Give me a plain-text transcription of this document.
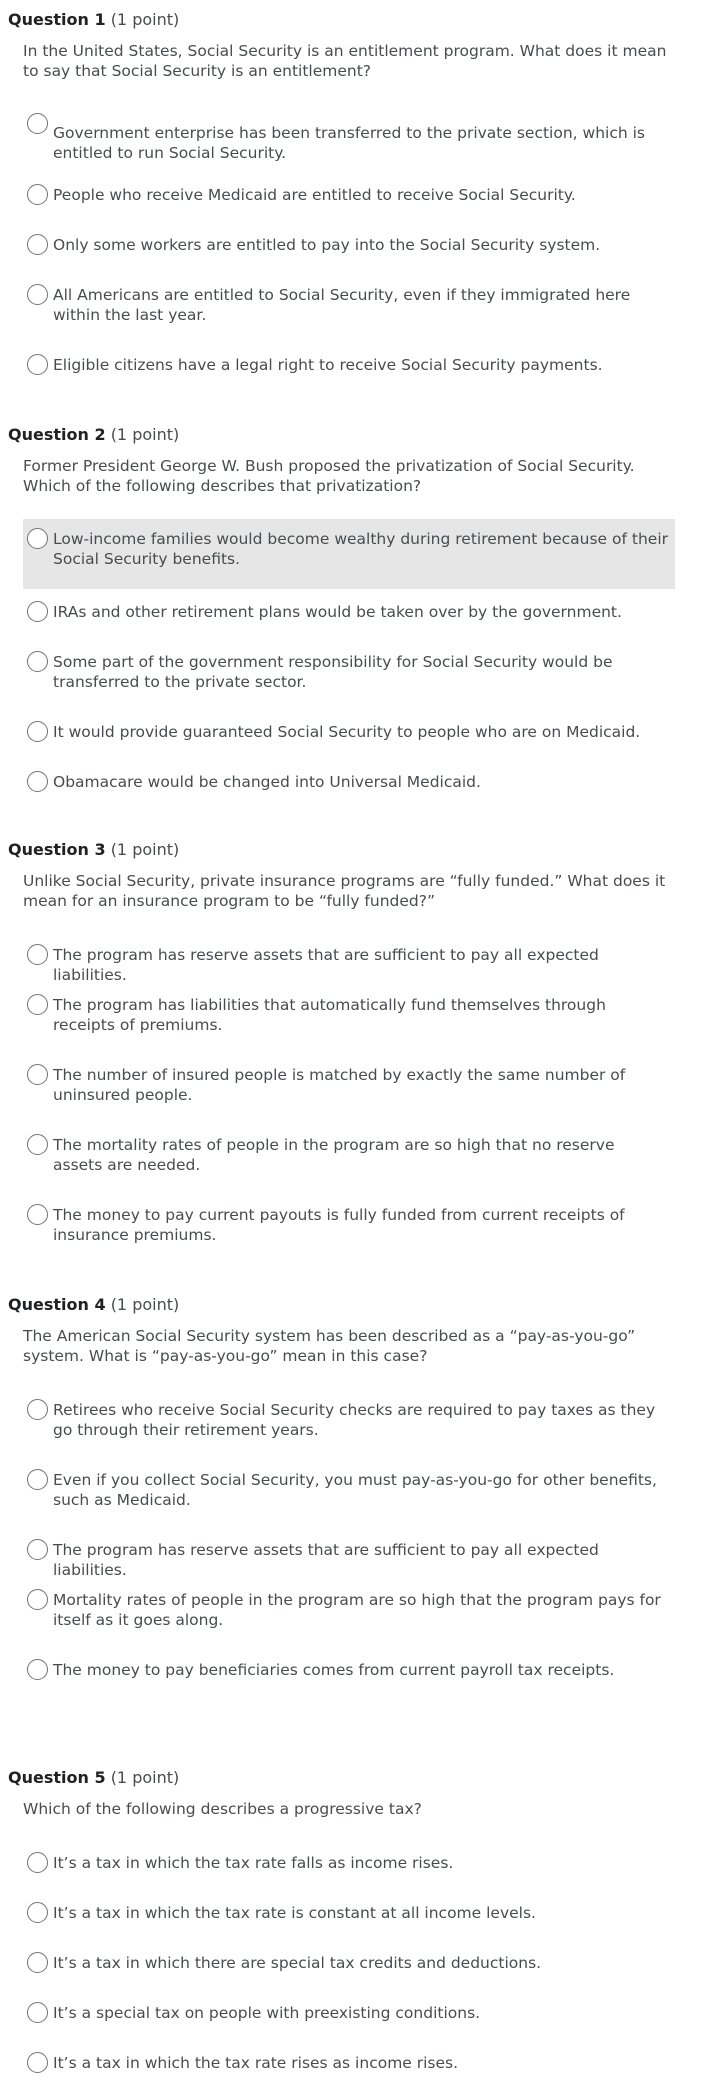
Question 1 (1 point)
In the United States, Social Security is an entitlement program. What does it mean to say that Social Security is an entitlement?
Government enterprise has been transferred to the private section, which is entitled to run Social Security.
People who receive Medicaid are entitled to receive Social Security.
Only some workers are entitled to pay into the Social Security system.
All Americans are entitled to Social Security, even if they immigrated here within the last year.
Eligible citizens have a legal right to receive Social Security payments.
Question 2 (1 point)
Former President George W. Bush proposed the privatization of Social Security. Which of the following describes that privatization?
Low-income families would become wealthy during retirement because of their Social Security benefits.
IRAs and other retirement plans would be taken over by the government.
Some part of the government responsibility for Social Security would be transferred to the private sector.
It would provide guaranteed Social Security to people who are on Medicaid.
Obamacare would be changed into Universal Medicaid.
Question 3 (1 point)
Unlike Social Security, private insurance programs are “fully funded.” What does it mean for an insurance program to be “fully funded?”
The program has reserve assets that are sufficient to pay all expected liabilities.
The program has liabilities that automatically fund themselves through receipts of premiums.
The number of insured people is matched by exactly the same number of uninsured people.
The mortality rates of people in the program are so high that no reserve assets are needed.
The money to pay current payouts is fully funded from current receipts of insurance premiums.
Question 4 (1 point)
The American Social Security system has been described as a “pay-as-you-go” system. What is “pay-as-you-go” mean in this case?
Retirees who receive Social Security checks are required to pay taxes as they go through their retirement years.
Even if you collect Social Security, you must pay-as-you-go for other benefits, such as Medicaid.
The program has reserve assets that are sufficient to pay all expected liabilities.
Mortality rates of people in the program are so high that the program pays for itself as it goes along.
The money to pay beneficiaries comes from current payroll tax receipts.
Question 5 (1 point)
Which of the following describes a progressive tax?
It’s a tax in which the tax rate falls as income rises.
It’s a tax in which the tax rate is constant at all income levels.
It’s a tax in which there are special tax credits and deductions.
It’s a special tax on people with preexisting conditions.
It’s a tax in which the tax rate rises as income rises.
